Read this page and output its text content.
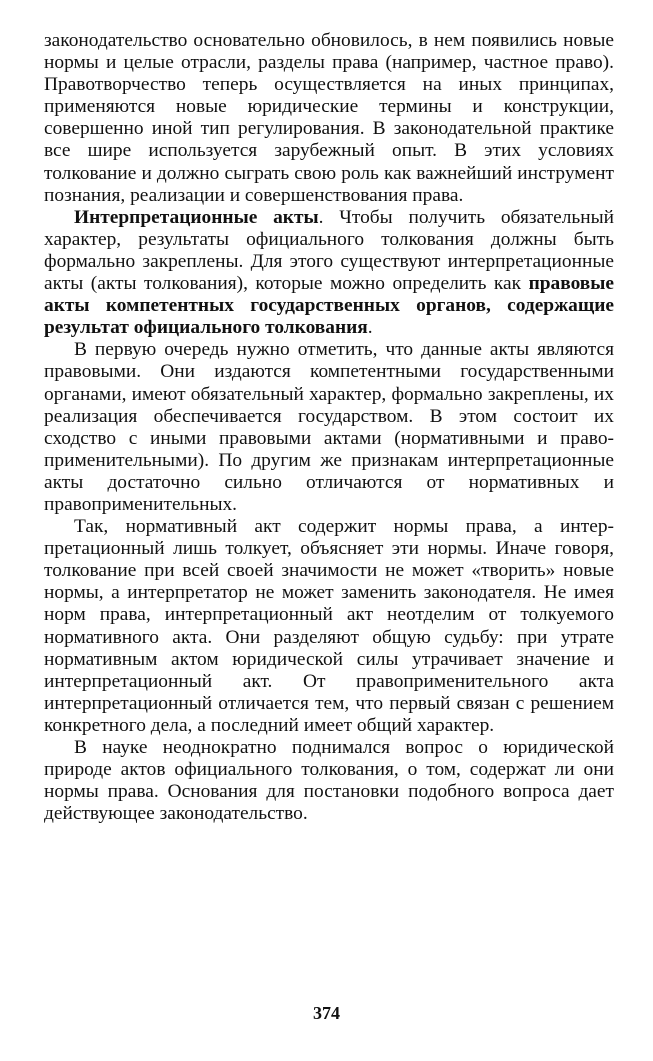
законодательство основательно обновилось, в нем появились новые нормы и целые отрасли, разделы права (например, частное право). Правотворчество теперь осуществляется на иных принципах, применяются новые юридические термины и конструкции, совершенно иной тип регулирования. В законодательной практике все шире используется зарубежный опыт. В этих условиях толкование и должно сыграть свою роль как важнейший инструмент познания, реализации и совершенствования права.

Интерпретационные акты. Чтобы получить обязательный характер, результаты официального толкования должны быть формально закреплены. Для этого существуют интерпретационные акты (акты толкования), которые можно определить как правовые акты компетентных государственных органов, содержащие результат официального толкования.

В первую очередь нужно отметить, что данные акты являются правовыми. Они издаются компетентными государственными органами, имеют обязательный характер, формально закреплены, их реализация обеспечивается государством. В этом состоит их сходство с иными правовыми актами (нормативными и правоприменительными). По другим же признакам интерпретационные акты достаточно сильно отличаются от нормативных и правоприменительных.

Так, нормативный акт содержит нормы права, а интерпретационный лишь толкует, объясняет эти нормы. Иначе говоря, толкование при всей своей значимости не может «творить» новые нормы, а интерпретатор не может заменить законодателя. Не имея норм права, интерпретационный акт неотделим от толкуемого нормативного акта. Они разделяют общую судьбу: при утрате нормативным актом юридической силы утрачивает значение и интерпретационный акт. От правоприменительного акта интерпретационный отличается тем, что первый связан с решением конкретного дела, а последний имеет общий характер.

В науке неоднократно поднимался вопрос о юридической природе актов официального толкования, о том, содержат ли они нормы права. Основания для постановки подобного вопроса дает действующее законодательство.

374
